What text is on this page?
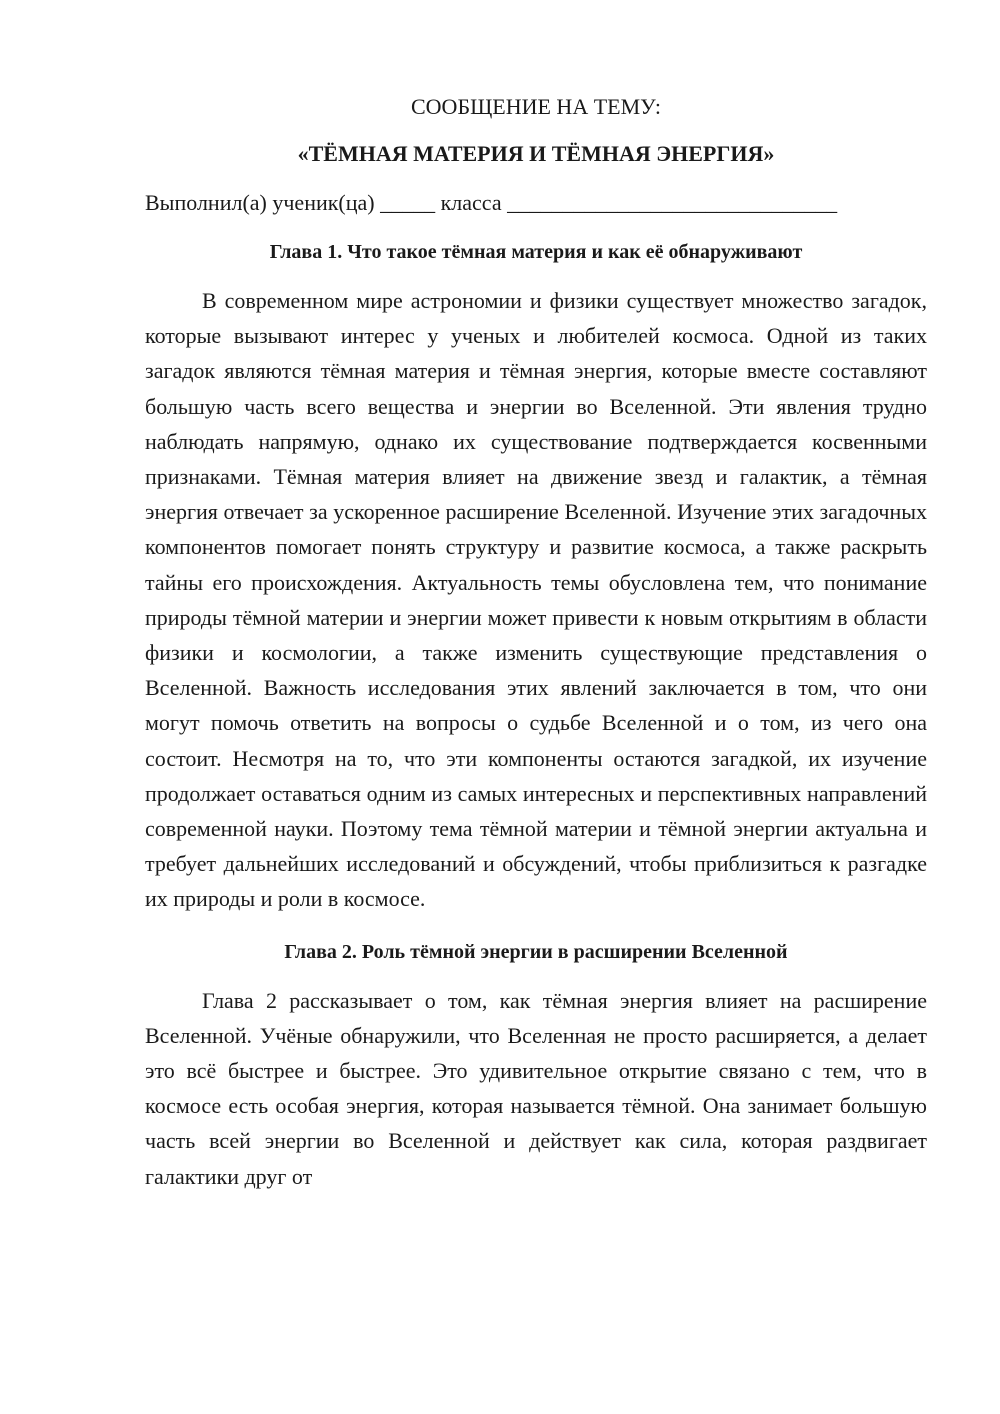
СООБЩЕНИЕ НА ТЕМУ:

«ТЁМНАЯ МАТЕРИЯ И ТЁМНАЯ ЭНЕРГИЯ»

Выполнил(а) ученик(ца) _____ класса ______________________________

Глава 1. Что такое тёмная материя и как её обнаруживают

В современном мире астрономии и физики существует множество загадок, которые вызывают интерес у ученых и любителей космоса. Одной из таких загадок являются тёмная материя и тёмная энергия, которые вместе составляют большую часть всего вещества и энергии во Вселенной. Эти явления трудно наблюдать напрямую, однако их существование подтверждается косвенными признаками. Тёмная материя влияет на движение звезд и галактик, а тёмная энергия отвечает за ускоренное расширение Вселенной. Изучение этих загадочных компонентов помогает понять структуру и развитие космоса, а также раскрыть тайны его происхождения. Актуальность темы обусловлена тем, что понимание природы тёмной материи и энергии может привести к новым открытиям в области физики и космологии, а также изменить существующие представления о Вселенной. Важность исследования этих явлений заключается в том, что они могут помочь ответить на вопросы о судьбе Вселенной и о том, из чего она состоит. Несмотря на то, что эти компоненты остаются загадкой, их изучение продолжает оставаться одним из самых интересных и перспективных направлений современной науки. Поэтому тема тёмной материи и тёмной энергии актуальна и требует дальнейших исследований и обсуждений, чтобы приблизиться к разгадке их природы и роли в космосе.

Глава 2. Роль тёмной энергии в расширении Вселенной

Глава 2 рассказывает о том, как тёмная энергия влияет на расширение Вселенной. Учёные обнаружили, что Вселенная не просто расширяется, а делает это всё быстрее и быстрее. Это удивительное открытие связано с тем, что в космосе есть особая энергия, которая называется тёмной. Она занимает большую часть всей энергии во Вселенной и действует как сила, которая раздвигает галактики друг от
